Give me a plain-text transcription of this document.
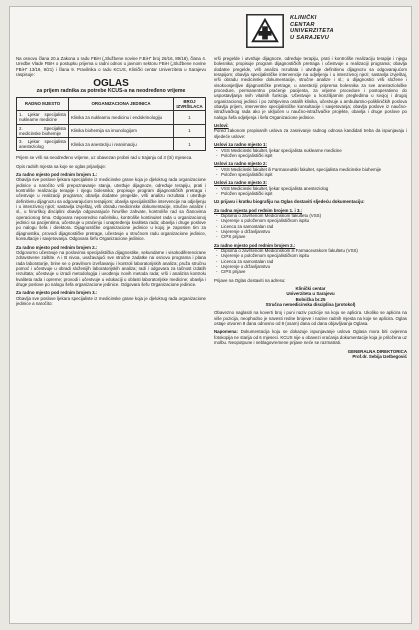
KLINIČKI
CENTAR
UNIVERZITETA
U SARAJEVU
Na osnovu člana 20.a Zakona o radu FBiH („Službene novine F.BiH" broj 26/16, 89/18), člana 4. Uredbe Vlade FBiH o postupku prijema u radni odnos u javnom sektoru FBiH („Službene novine FBiH" 13/19, 9/21) i člana 9. Pravilnika o radu KCUS, Klinički centar Univerziteta u Sarajevu raspisuje:
OGLAS
za prijem radnika za potrebe KCUS-a na neodređeno vrijeme
RADNO MJESTO	ORGANIZACIONA JEDINICA	BROJ IZVRŠILACA
1. Ljekar specijalista nuklearne medicine	Klinika za nuklearnu medicinu i endokrinologiju	1
2. Specijalista medicinske biohemije	Klinika biohemija sa imunologijom	1
3. Ljekar specijalista anesteziolog	Klinika za anesteziju i reanimaciju	1
Prijem se vrši na neodređeno vrijeme, uz obavezan probni rad u trajanju od 3 (tri) mjeseca.
Opis radnih mjesta sa koje se oglas prijavljuje:
Za radno mjesto pod rednim brojem 1.:
Obavlja sve poslove ljekara specijaliste iz medicinske grane koja je djelokrug rada organizacione jedinice u naročito vrši prepoznavanje stanja, utvrđuje dijagnoze, određuje terapiju, prati i kontroliše realizaciju terapije i njegu bolesnika; propisuje program dijagnostičkih pretraga i učestvuje u realizaciji programa; obavlja dodatne pregelde, vrši analizu rezultata i utvrđuje definitivnu dijagnozu sa odgovarajućom terapijom; obavlja specijalističke intervencije na odjeljenju i u intenzivnoj njezi; sastavlja izvještaj, vrši obradu medicinske dokumentacije, stručne analize i sl., u hirurškoj disciplini obavlja odgovarajuće hirurške zahvate, kontroliše rad sa članovima operacionog tima. Odgovara neposredno načelniku, kontroliše kontinuitet rada u organizacionoj jedinici sa pacijentima, učestvuje u praćenju i unapređenju kvaliteta rada; obavlja i druge poslove po nalogu šefa i direktora. Dijagnostičke organizacione jedinice u kojoj je zaposlen tim za dijagnostiku, provodi dijagnostičke pretrage, učestvuje u stručnom radu organizacione jedinice, konsultacije i savjetovanja. Odgovara šefu Organizacione jedinice.
Za radno mjesto pod rednim brojem 2.:
Odgovorno učestvuje na poslovima specijalistička dijagnostike, sekundarne i visokodiferencirane zdravstvene zaštite. A i B nivoa, uvažavajući sve stručne zadatke na osnovu programa i plana rada laboratorije, brine se o pravilnom izvršavanju i kontroli laboratorijskih analiza; pruža stručnu pomoć i učestvuje u obradi složenijih laboratorijskih analiza; radi i odgovara za tačnost izdatih rezultata; učestvuje u izradi metodologija i uvođenju novih metoda rada; vrši i analizira kontrolu kvaliteta rada i opreme; provodi i učestvuje u edukaciji u oblasti laboratorijske medicine; obavlja i druge poslove po nalogu šefa organizacione jedinice. Odgovara šefu Organizacione jedinice.
Za radno mjesto pod rednim brojem 3.:
Obavlja sve poslove ljekara specijaliste iz medicinske grane koja je djelokrug rada organizacione jedinice a naročito:
vrši pregelde i utvrđuje dijagnoze, određuje terapiju, prati i kontroliše realizaciju terapije i njegu bolesnika; propisuje program dijagnostičkih pretraga i učestvuje u realizaciji programa; obavlja dodatne pregelde, vrši analizu rezultata i utvrđuje definitivnu dijagnozu sa odgovarajućom terapijom; obavlja specijalističke intervencije na odjeljenju i u intenzivnoj njezi; sastavlja izvještaj, vrši obradu medicinske dokumentacije, stručne analize i sl.; u dijagnostici vrši složene i visokoosjetljive dijagnostičke pretrage, u anesteziji priprema bolesnika za sve anesteziološke procedure, permanentno praćenje pacijenta, za vrijeme procedure i postoperativno do uspostavljanja svih vitalnih funkcija. Učestvuje u konzilijarnim pregledima u svojoj i drugoj organizacionoj jedinici i po zahtjevima ostalih klinika, učestvuje u ambulantno-polikliničkih poslova obavlja prijem, interventne specijalističke konsultacije i savjetovanja; obavlja poslove iz naučno-istraživačkog rada ako je uključen u naučno-istraživačke projekte, obavlja i druge poslove po nalogu šefa odjeljenja i šefa Organizacione jedinice.
Uslovi:
Pored zakonom propisanih uslova za zasnivanje radnog odnosa kandidati treba da ispunjavaju i sljedeće uslove:
Uslovi za radno mjesto 1:
- VSS Medicinski fakultet, ljekar specijalista nuklearne medicine
- Položen specijalistički ispit
Uslovi za radno mjesto 2:
- VSS Medicinski fakultet ili Farmaceutski fakultet, specijalista medicinske biohemije
- Položen specijalistički ispit
Uslovi za radno mjesto 3:
- VSS Medicinski fakultet, ljekar specijalista anesteziolog
- Položen specijalistički ispit
Uz prijavu i kratku biografiju na Oglas dostaviti sljedeću dokumentaciju:
Za radna mjesta pod rednim brojem 1. i 3.:
- Diploma o završenom Medicinskom fakultetu (VSS)
- Uvjerenje o položenom specijalističkom ispitu
- Licenca za samostalan rad
- Uvjerenje o državljanstvu
- CIPS prijave
Za radno mjesto pod rednim brojem 2.:
- Diploma o završenom Medicinskom ili Farmaceutskom fakultetu (VSS)
- Uvjerenje o položenom specijalističkom ispitu
- Licenca za samostalan rad
- Uvjerenje o državljanstvu
- CIPS prijave
Prijave na Oglas dostaviti na adresu:
Klinički centar
Univerziteta u Sarajevu
Bolnička br.25
Stručna nemedicinska disciplina (protokol)
Obavezno naglasiti na koverti broj i puni naziv pozicije na koju se aplicira. Ukoliko se aplicira na više pozicija, neophodno je navesti redne brojeve i nazive radnih mjesta na koje se aplicira. Oglas ostaje otvoren 8 dana odnosno od 8 (osam) dana od dana objavljivanja Oglasa.
Napomena: Dokumentacija koju se dokazuje ispunjavanje uslova Oglasa mora biti ovjerena fotokopija ne starija od 6 mjeseci. KCUS nije u obavezi vraćanja dokumentacije koja je priložena uz molbu. Neopotpune i neblagovremene prijave neće se razmatrati.
GENERALNA DIREKTORICA
Prof.dr. Sebija Izetbegović
